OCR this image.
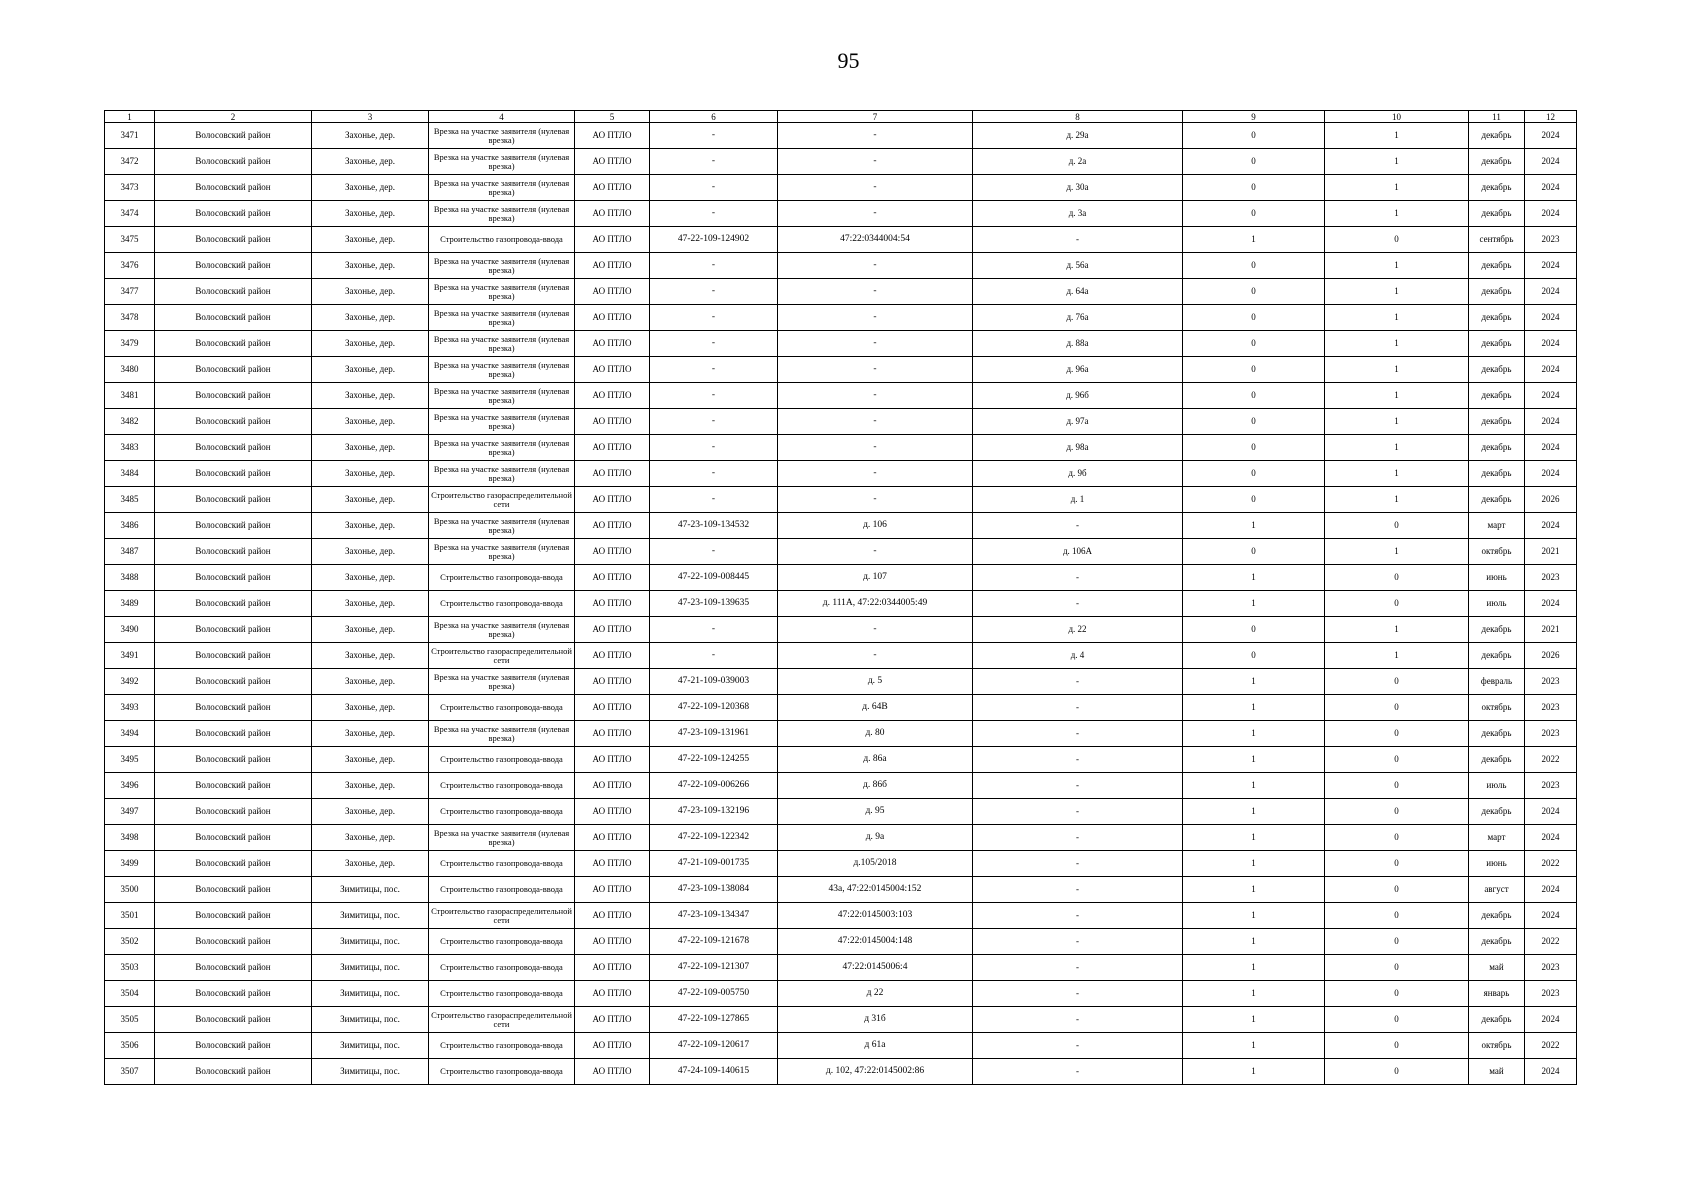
95
1	2	3	4	5	6	7	8	9	10	11	12
3471	Волосовский район	Захонье, дер.	Врезка на участке заявителя (нулевая врезка)	АО ПТЛО	-	-	д. 29а	0	1	декабрь	2024
3472	Волосовский район	Захонье, дер.	Врезка на участке заявителя (нулевая врезка)	АО ПТЛО	-	-	д. 2а	0	1	декабрь	2024
3473	Волосовский район	Захонье, дер.	Врезка на участке заявителя (нулевая врезка)	АО ПТЛО	-	-	д. 30а	0	1	декабрь	2024
3474	Волосовский район	Захонье, дер.	Врезка на участке заявителя (нулевая врезка)	АО ПТЛО	-	-	д. 3а	0	1	декабрь	2024
3475	Волосовский район	Захонье, дер.	Строительство газопровода-ввода	АО ПТЛО	47-22-109-124902	47:22:0344004:54	-	1	0	сентябрь	2023
3476	Волосовский район	Захонье, дер.	Врезка на участке заявителя (нулевая врезка)	АО ПТЛО	-	-	д. 56а	0	1	декабрь	2024
3477	Волосовский район	Захонье, дер.	Врезка на участке заявителя (нулевая врезка)	АО ПТЛО	-	-	д. 64а	0	1	декабрь	2024
3478	Волосовский район	Захонье, дер.	Врезка на участке заявителя (нулевая врезка)	АО ПТЛО	-	-	д. 76а	0	1	декабрь	2024
3479	Волосовский район	Захонье, дер.	Врезка на участке заявителя (нулевая врезка)	АО ПТЛО	-	-	д. 88а	0	1	декабрь	2024
3480	Волосовский район	Захонье, дер.	Врезка на участке заявителя (нулевая врезка)	АО ПТЛО	-	-	д. 96а	0	1	декабрь	2024
3481	Волосовский район	Захонье, дер.	Врезка на участке заявителя (нулевая врезка)	АО ПТЛО	-	-	д. 96б	0	1	декабрь	2024
3482	Волосовский район	Захонье, дер.	Врезка на участке заявителя (нулевая врезка)	АО ПТЛО	-	-	д. 97а	0	1	декабрь	2024
3483	Волосовский район	Захонье, дер.	Врезка на участке заявителя (нулевая врезка)	АО ПТЛО	-	-	д. 98а	0	1	декабрь	2024
3484	Волосовский район	Захонье, дер.	Врезка на участке заявителя (нулевая врезка)	АО ПТЛО	-	-	д. 9б	0	1	декабрь	2024
3485	Волосовский район	Захонье, дер.	Строительство газораспределительной сети	АО ПТЛО	-	-	д. 1	0	1	декабрь	2026
3486	Волосовский район	Захонье, дер.	Врезка на участке заявителя (нулевая врезка)	АО ПТЛО	47-23-109-134532	д. 106	-	1	0	март	2024
3487	Волосовский район	Захонье, дер.	Врезка на участке заявителя (нулевая врезка)	АО ПТЛО	-	-	д. 106А	0	1	октябрь	2021
3488	Волосовский район	Захонье, дер.	Строительство газопровода-ввода	АО ПТЛО	47-22-109-008445	д. 107	-	1	0	июнь	2023
3489	Волосовский район	Захонье, дер.	Строительство газопровода-ввода	АО ПТЛО	47-23-109-139635	д. 111А, 47:22:0344005:49	-	1	0	июль	2024
3490	Волосовский район	Захонье, дер.	Врезка на участке заявителя (нулевая врезка)	АО ПТЛО	-	-	д. 22	0	1	декабрь	2021
3491	Волосовский район	Захонье, дер.	Строительство газораспределительной сети	АО ПТЛО	-	-	д. 4	0	1	декабрь	2026
3492	Волосовский район	Захонье, дер.	Врезка на участке заявителя (нулевая врезка)	АО ПТЛО	47-21-109-039003	д. 5	-	1	0	февраль	2023
3493	Волосовский район	Захонье, дер.	Строительство газопровода-ввода	АО ПТЛО	47-22-109-120368	д. 64В	-	1	0	октябрь	2023
3494	Волосовский район	Захонье, дер.	Врезка на участке заявителя (нулевая врезка)	АО ПТЛО	47-23-109-131961	д. 80	-	1	0	декабрь	2023
3495	Волосовский район	Захонье, дер.	Строительство газопровода-ввода	АО ПТЛО	47-22-109-124255	д. 86а	-	1	0	декабрь	2022
3496	Волосовский район	Захонье, дер.	Строительство газопровода-ввода	АО ПТЛО	47-22-109-006266	д. 86б	-	1	0	июль	2023
3497	Волосовский район	Захонье, дер.	Строительство газопровода-ввода	АО ПТЛО	47-23-109-132196	д. 95	-	1	0	декабрь	2024
3498	Волосовский район	Захонье, дер.	Врезка на участке заявителя (нулевая врезка)	АО ПТЛО	47-22-109-122342	д. 9а	-	1	0	март	2024
3499	Волосовский район	Захонье, дер.	Строительство газопровода-ввода	АО ПТЛО	47-21-109-001735	д.105/2018	-	1	0	июнь	2022
3500	Волосовский район	Зимитицы, пос.	Строительство газопровода-ввода	АО ПТЛО	47-23-109-138084	43а, 47:22:0145004:152	-	1	0	август	2024
3501	Волосовский район	Зимитицы, пос.	Строительство газораспределительной сети	АО ПТЛО	47-23-109-134347	47:22:0145003:103	-	1	0	декабрь	2024
3502	Волосовский район	Зимитицы, пос.	Строительство газопровода-ввода	АО ПТЛО	47-22-109-121678	47:22:0145004:148	-	1	0	декабрь	2022
3503	Волосовский район	Зимитицы, пос.	Строительство газопровода-ввода	АО ПТЛО	47-22-109-121307	47:22:0145006:4	-	1	0	май	2023
3504	Волосовский район	Зимитицы, пос.	Строительство газопровода-ввода	АО ПТЛО	47-22-109-005750	д 22	-	1	0	январь	2023
3505	Волосовский район	Зимитицы, пос.	Строительство газораспределительной сети	АО ПТЛО	47-22-109-127865	д 31б	-	1	0	декабрь	2024
3506	Волосовский район	Зимитицы, пос.	Строительство газопровода-ввода	АО ПТЛО	47-22-109-120617	д 61а	-	1	0	октябрь	2022
3507	Волосовский район	Зимитицы, пос.	Строительство газопровода-ввода	АО ПТЛО	47-24-109-140615	д. 102, 47:22:0145002:86	-	1	0	май	2024
